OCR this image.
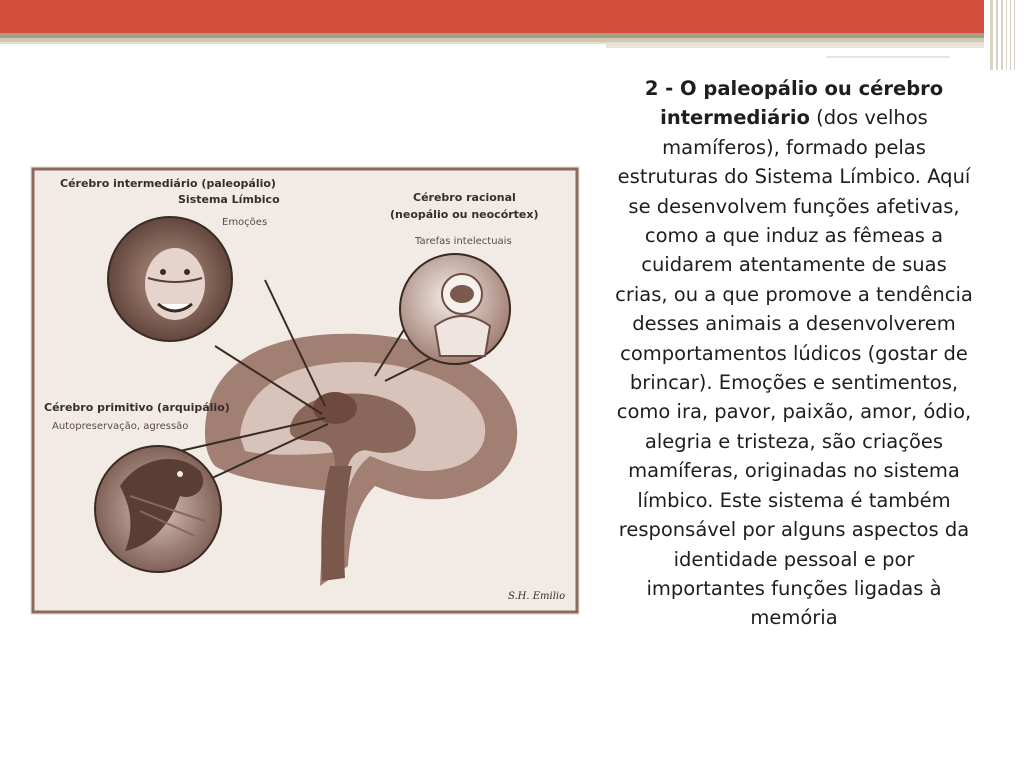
2 - O paleopálio ou cérebro intermediário (dos velhos mamíferos), formado pelas estruturas do Sistema Límbico. Aquí se desenvolvem funções afetivas, como a que induz as fêmeas a cuidarem atentamente de suas crias, ou a que promove a tendência desses animais a desenvolverem comportamentos lúdicos (gostar de brincar). Emoções e sentimentos, como ira, pavor, paixão, amor, ódio, alegria e tristeza, são criações mamíferas, originadas no sistema límbico. Este sistema é também responsável por alguns aspectos da identidade pessoal e por importantes funções ligadas à memória
Cérebro intermediário (paleopálio)
Sistema Límbico
Emoções
Cérebro racional
(neopálio ou neocórtex)
Tarefas intelectuais
Cérebro primitivo (arquipálio)
Autopreservação, agressão
S.H. Emilio
